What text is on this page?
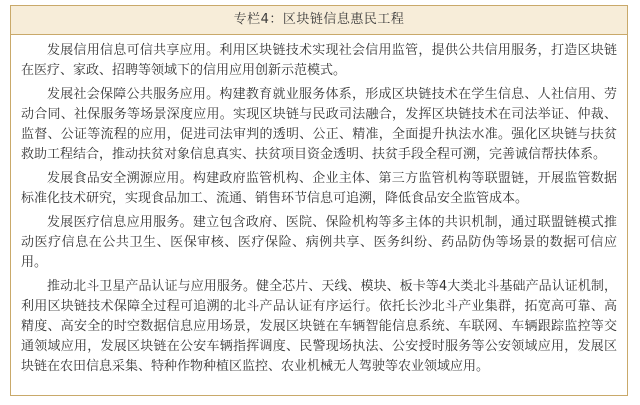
专栏4：区块链信息惠民工程

发展信用信息可信共享应用。利用区块链技术实现社会信用监管，提供公共信用服务，打造区块链在医疗、家政、招聘等领域下的信用应用创新示范模式。

发展社会保障公共服务应用。构建教育就业服务体系，形成区块链技术在学生信息、人社信用、劳动合同、社保服务等场景深度应用。实现区块链与民政司法融合，发挥区块链技术在司法举证、仲裁、监督、公证等流程的应用，促进司法审判的透明、公正、精准，全面提升执法水准。强化区块链与扶贫救助工程结合，推动扶贫对象信息真实、扶贫项目资金透明、扶贫手段全程可溯，完善诚信帮扶体系。

发展食品安全溯源应用。构建政府监管机构、企业主体、第三方监管机构等联盟链，开展监管数据标准化技术研究，实现食品加工、流通、销售环节信息可追溯，降低食品安全监管成本。

发展医疗信息应用服务。建立包含政府、医院、保险机构等多主体的共识机制，通过联盟链模式推动医疗信息在公共卫生、医保审核、医疗保险、病例共享、医务纠纷、药品防伪等场景的数据可信应用。

推动北斗卫星产品认证与应用服务。健全芯片、天线、模块、板卡等4大类北斗基础产品认证机制，利用区块链技术保障全过程可追溯的北斗产品认证有序运行。依托长沙北斗产业集群，拓宽高可靠、高精度、高安全的时空数据信息应用场景，发展区块链在车辆智能信息系统、车联网、车辆跟踪监控等交通领域应用，发展区块链在公安车辆指挥调度、民警现场执法、公安授时服务等公安领域应用，发展区块链在农田信息采集、特种作物种植区监控、农业机械无人驾驶等农业领域应用。
